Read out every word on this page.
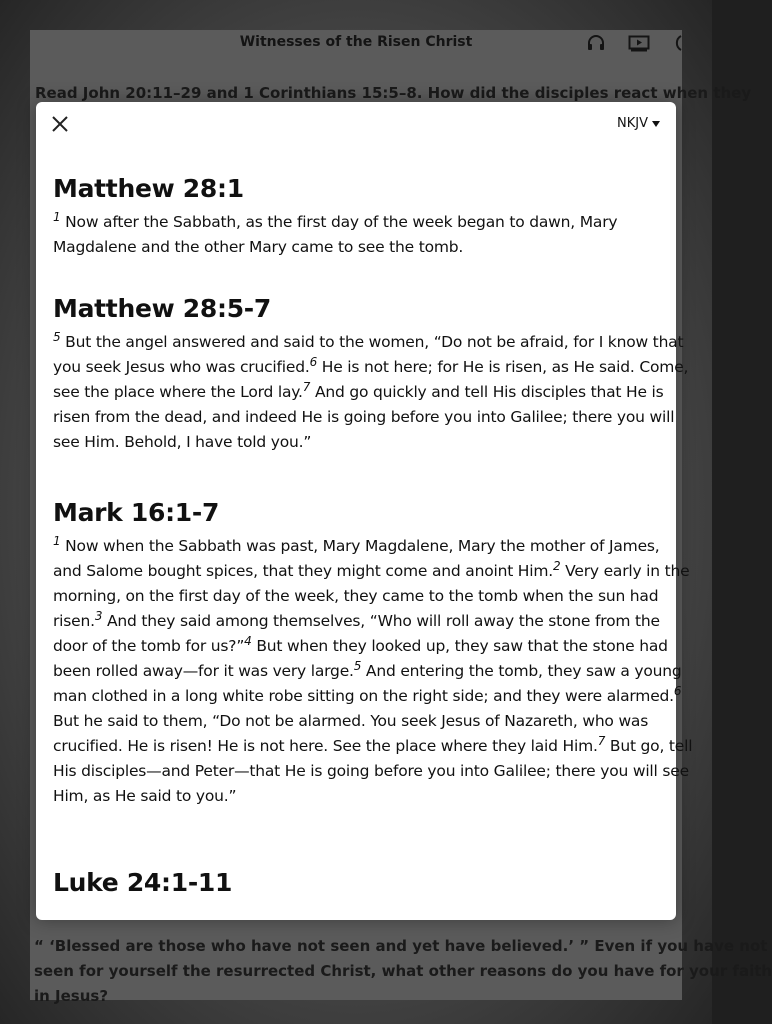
Witnesses of the Risen Christ
Read John 20:11–29 and 1 Corinthians 15:5–8. How did the disciples react when they
“ ‘Blessed are those who have not seen and yet have believed.’ ” Even if you have not
seen for yourself the resurrected Christ, what other reasons do you have for your faith
in Jesus?
NKJV
Matthew 28:1

$^1$ Now after the Sabbath, as the first day of the week began to dawn, Mary
Magdalene and the other Mary came to see the tomb.

Matthew 28:5-7

$^5$ But the angel answered and said to the women, “Do not be afraid, for I know that
you seek Jesus who was crucified.$^6$ He is not here; for He is risen, as He said. Come,
see the place where the Lord lay.$^7$ And go quickly and tell His disciples that He is
risen from the dead, and indeed He is going before you into Galilee; there you will
see Him. Behold, I have told you.”

Mark 16:1-7

$^1$ Now when the Sabbath was past, Mary Magdalene, Mary the mother of James,
and Salome bought spices, that they might come and anoint Him.$^2$ Very early in the
morning, on the first day of the week, they came to the tomb when the sun had
risen.$^3$ And they said among themselves, “Who will roll away the stone from the
door of the tomb for us?”$^4$ But when they looked up, they saw that the stone had
been rolled away—for it was very large.$^5$ And entering the tomb, they saw a young
man clothed in a long white robe sitting on the right side; and they were alarmed.$^6$
But he said to them, “Do not be alarmed. You seek Jesus of Nazareth, who was
crucified. He is risen! He is not here. See the place where they laid Him.$^7$ But go, tell
His disciples—and Peter—that He is going before you into Galilee; there you will see
Him, as He said to you.”

Luke 24:1-11
